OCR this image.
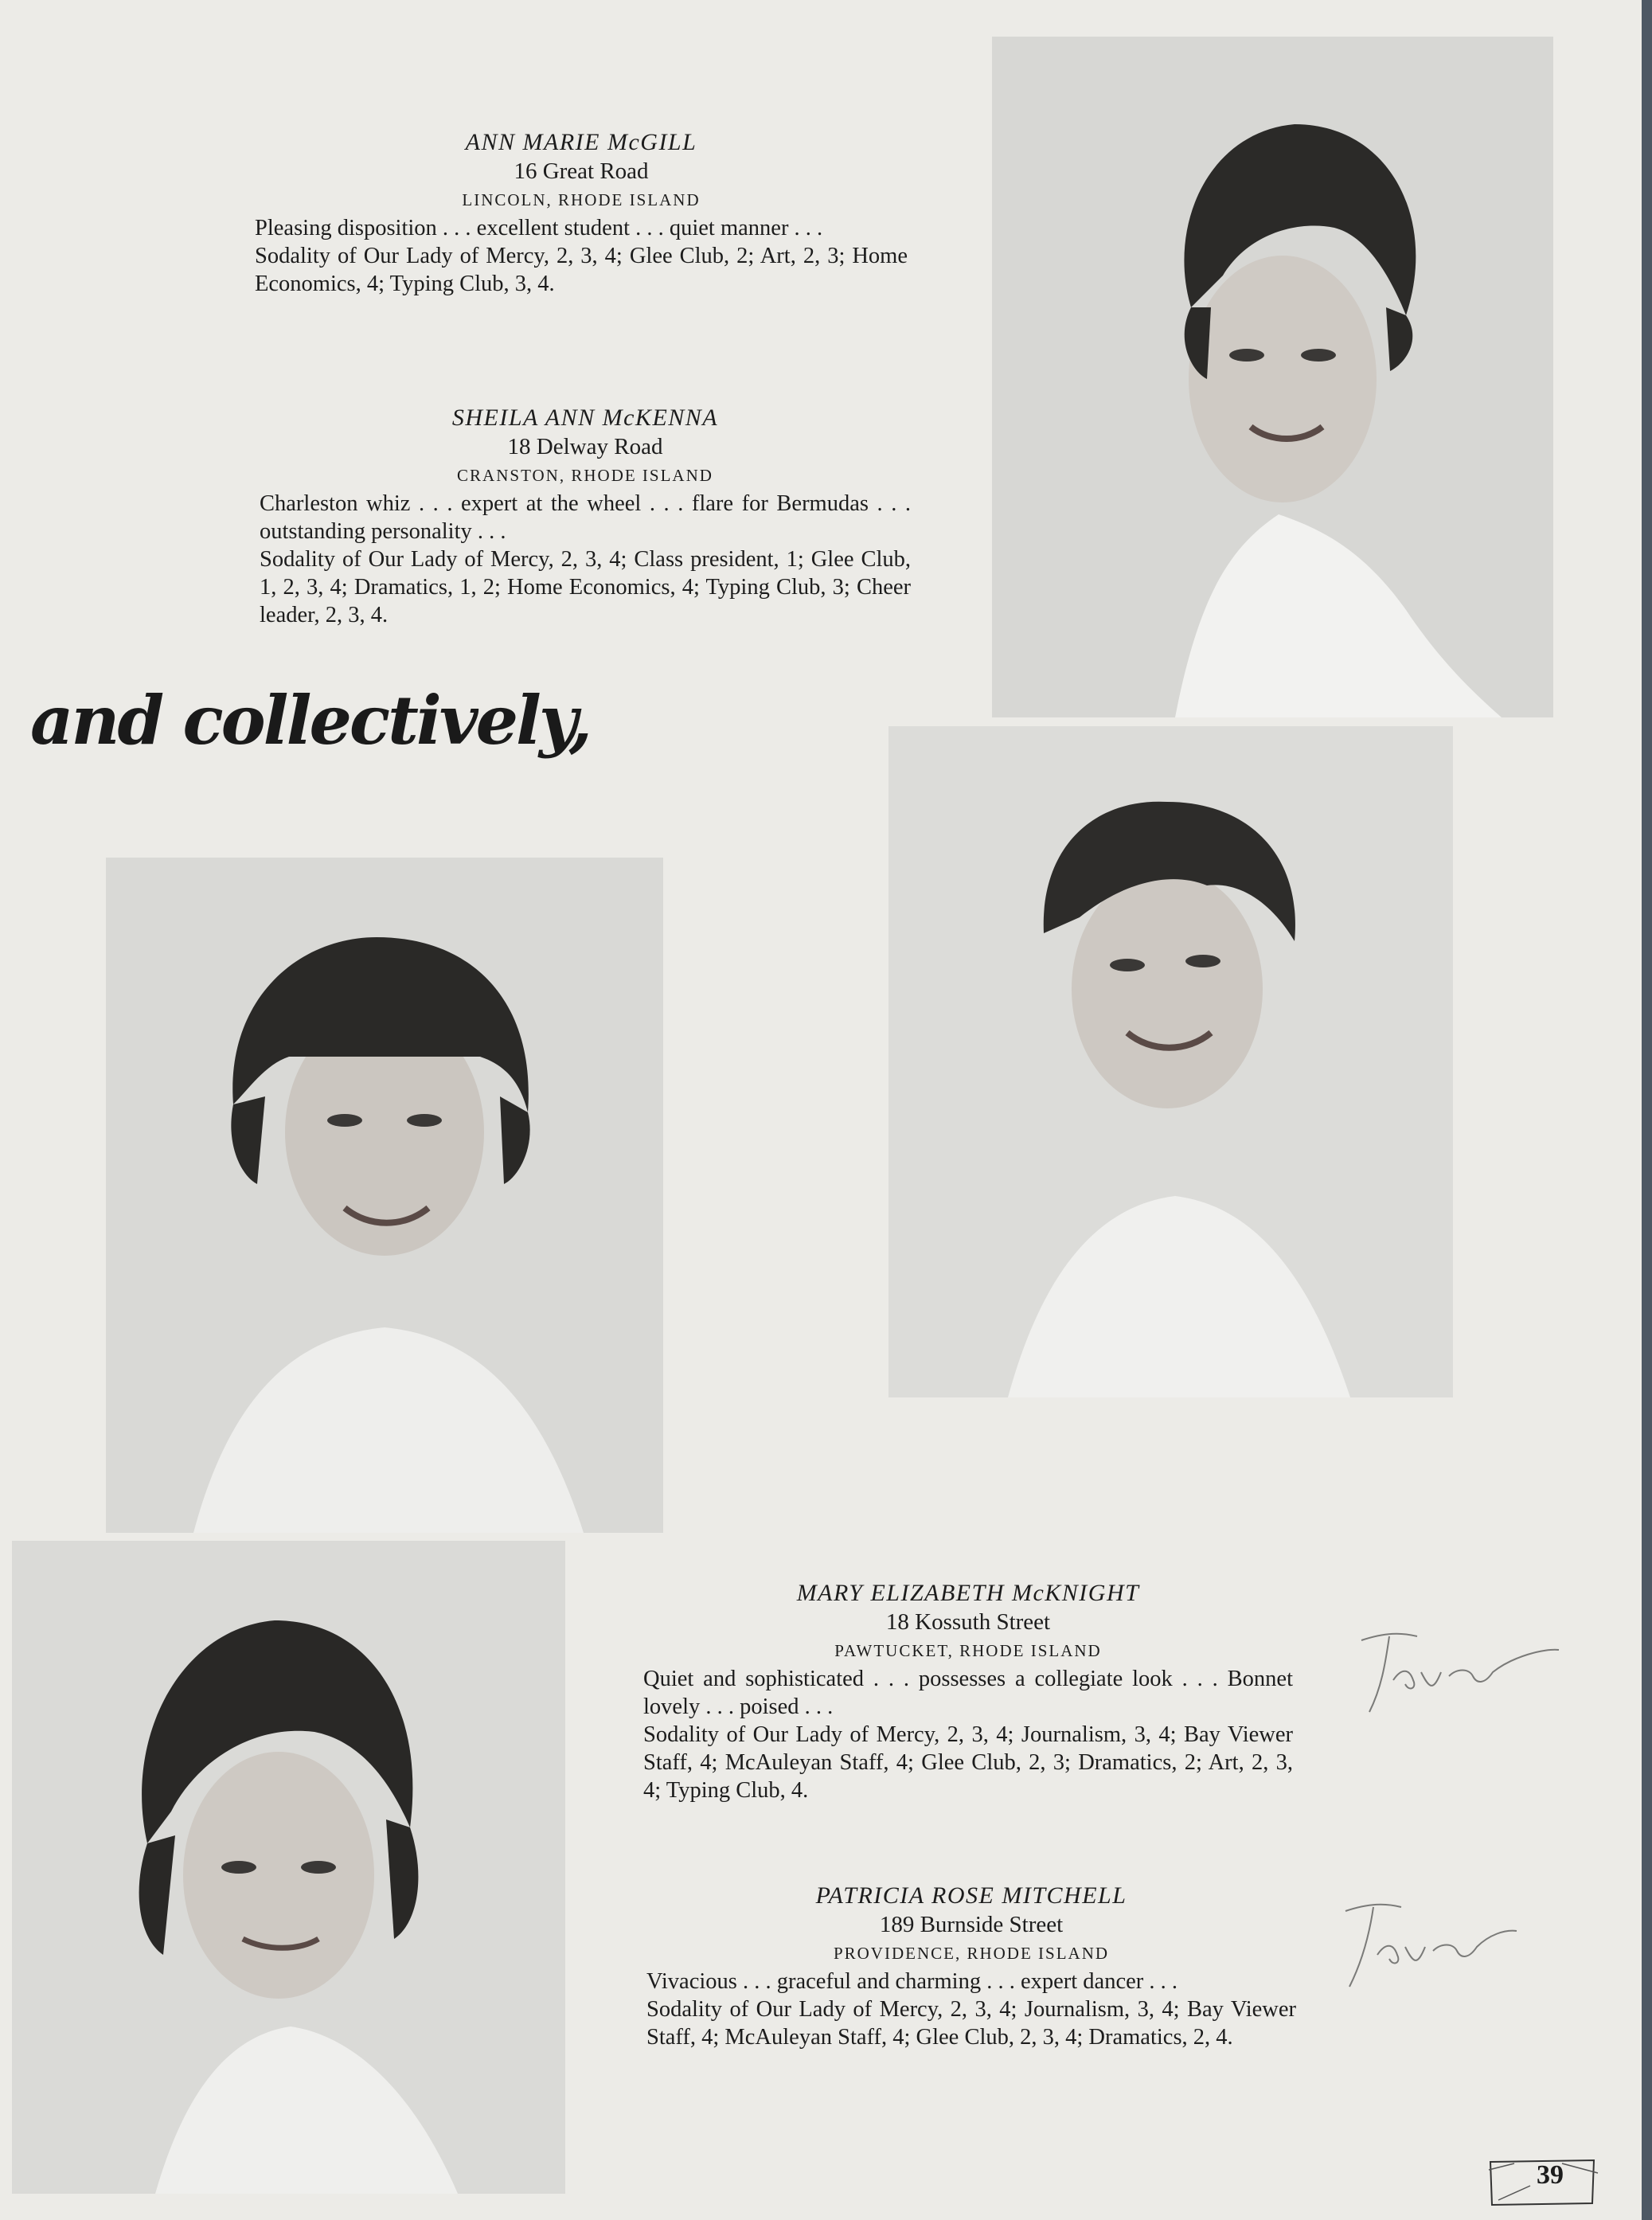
ANN MARIE McGILL
16 Great Road
LINCOLN, RHODE ISLAND
Pleasing disposition . . . excellent student . . . quiet manner . . .
Sodality of Our Lady of Mercy, 2, 3, 4; Glee Club, 2; Art, 2, 3; Home Economics, 4; Typing Club, 3, 4.
SHEILA ANN McKENNA
18 Delway Road
CRANSTON, RHODE ISLAND
Charleston whiz . . . expert at the wheel . . . flare for Bermudas . . . outstanding personality . . .
Sodality of Our Lady of Mercy, 2, 3, 4; Class president, 1; Glee Club, 1, 2, 3, 4; Dramatics, 1, 2; Home Economics, 4; Typing Club, 3; Cheer leader, 2, 3, 4.
and collectively,
MARY ELIZABETH McKNIGHT
18 Kossuth Street
PAWTUCKET, RHODE ISLAND
Quiet and sophisticated . . . possesses a collegiate look . . . Bonnet lovely . . . poised . . .
Sodality of Our Lady of Mercy, 2, 3, 4; Journalism, 3, 4; Bay Viewer Staff, 4; McAuleyan Staff, 4; Glee Club, 2, 3; Dramatics, 2; Art, 2, 3, 4; Typing Club, 4.
PATRICIA ROSE MITCHELL
189 Burnside Street
PROVIDENCE, RHODE ISLAND
Vivacious . . . graceful and charming . . . expert dancer . . .
Sodality of Our Lady of Mercy, 2, 3, 4; Journalism, 3, 4; Bay Viewer Staff, 4; McAuleyan Staff, 4; Glee Club, 2, 3, 4; Dramatics, 2, 4.
39
